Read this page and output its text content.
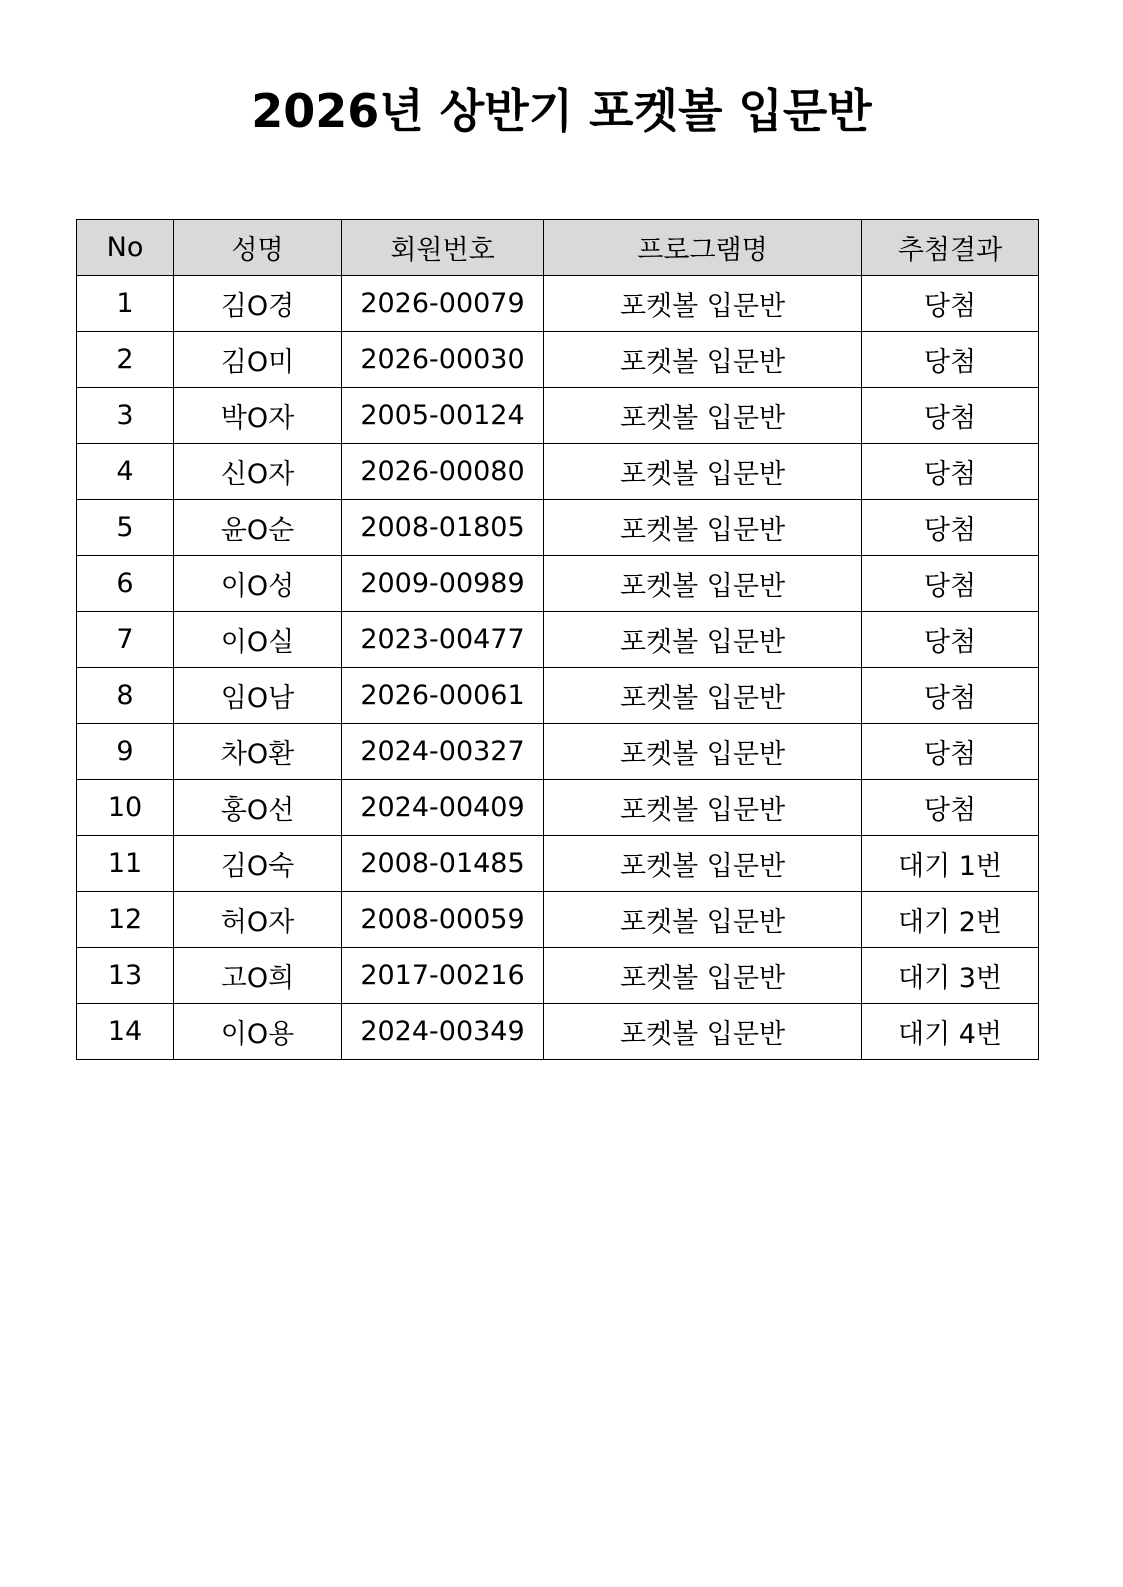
2026년 상반기 포켓볼 입문반
No	성명	회원번호	프로그램명	추첨결과
1	김O경	2026-00079	포켓볼 입문반	당첨
2	김O미	2026-00030	포켓볼 입문반	당첨
3	박O자	2005-00124	포켓볼 입문반	당첨
4	신O자	2026-00080	포켓볼 입문반	당첨
5	윤O순	2008-01805	포켓볼 입문반	당첨
6	이O성	2009-00989	포켓볼 입문반	당첨
7	이O실	2023-00477	포켓볼 입문반	당첨
8	임O남	2026-00061	포켓볼 입문반	당첨
9	차O환	2024-00327	포켓볼 입문반	당첨
10	홍O선	2024-00409	포켓볼 입문반	당첨
11	김O숙	2008-01485	포켓볼 입문반	대기 1번
12	허O자	2008-00059	포켓볼 입문반	대기 2번
13	고O희	2017-00216	포켓볼 입문반	대기 3번
14	이O용	2024-00349	포켓볼 입문반	대기 4번
